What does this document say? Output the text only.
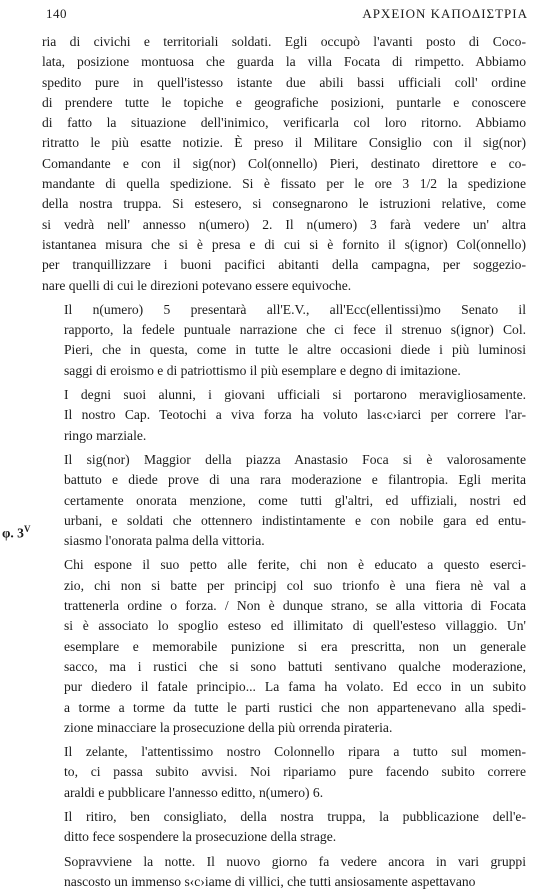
140	ΑΡΧΕΙΟΝ ΚΑΠΟΔΙΣΤΡΙΑ
φ. $3^V$

ria di civichi e territoriali soldati. Egli occupò l'avanti posto di Coco-
lata, posizione montuosa che guarda la villa Focata di rimpetto. Abbiamo
spedito pure in quell'istesso istante due abili bassi ufficiali coll' ordine
di prendere tutte le topiche e geografiche posizioni, puntarle e conoscere
di fatto la situazione dell'inimico, verificarla col loro ritorno. Abbiamo
ritratto le più esatte notizie. È preso il Militare Consiglio con il sig(nor)
Comandante e con il sig(nor) Col(onnello) Pieri, destinato direttore e co-
mandante di quella spedizione. Si è fissato per le ore 3 1/2 la spedizione
della nostra truppa. Si estesero, si consegnarono le istruzioni relative, come
si vedrà nell' annesso n(umero) 2. Il n(umero) 3 farà vedere un' altra
istantanea misura che si è presa e di cui si è fornito il s(ignor) Col(onnello)
per tranquillizzare i buoni pacifici abitanti della campagna, per soggezio-
nare quelli di cui le direzioni potevano essere equivoche.

Il n(umero) 5 presentarà all'E.V., all'Ecc(ellentissi)mo Senato il
rapporto, la fedele puntuale narrazione che ci fece il strenuo s(ignor) Col.
Pieri, che in questa, come in tutte le altre occasioni diede i più luminosi
saggi di eroismo e di patriottismo il più esemplare e degno di imitazione.

I degni suoi alunni, i giovani ufficiali si portarono meravigliosamente.
Il nostro Cap. Teotochi a viva forza ha voluto las‹c›iarci per correre l'ar-
ringo marziale.

Il sig(nor) Maggior della piazza Anastasio Foca si è valorosamente
battuto e diede prove di una rara moderazione e filantropia. Egli merita
certamente onorata menzione, come tutti gl'altri, ed uffiziali, nostri ed
urbani, e soldati che ottennero indistintamente e con nobile gara ed entu-
siasmo l'onorata palma della vittoria.

Chi espone il suo petto alle ferite, chi non è educato a questo eserci-
zio, chi non si batte per principj col suo trionfo è una fiera nè val a
trattenerla ordine o forza. / Non è dunque strano, se alla vittoria di Focata
si è associato lo spoglio esteso ed illimitato di quell'esteso villaggio. Un'
esemplare e memorabile punizione si era prescritta, non un generale
sacco, ma i rustici che si sono battuti sentivano qualche moderazione,
pur diedero il fatale principio... La fama ha volato. Ed ecco in un subito
a torme a torme da tutte le parti rustici che non appartenevano alla spedi-
zione minacciare la prosecuzione della più orrenda pirateria.

Il zelante, l'attentissimo nostro Colonnello ripara a tutto sul momen-
to, ci passa subito avvisi. Noi ripariamo pure facendo subito correre
araldi e pubblicare l'annesso editto, n(umero) 6.

Il ritiro, ben consigliato, della nostra truppa, la pubblicazione dell'e-
ditto fece sospendere la prosecuzione della strage.

Sopravviene la notte. Il nuovo giorno fa vedere ancora in vari gruppi
nascosto un immenso s‹c›iame di villici, che tutti ansiosamente aspettavano
